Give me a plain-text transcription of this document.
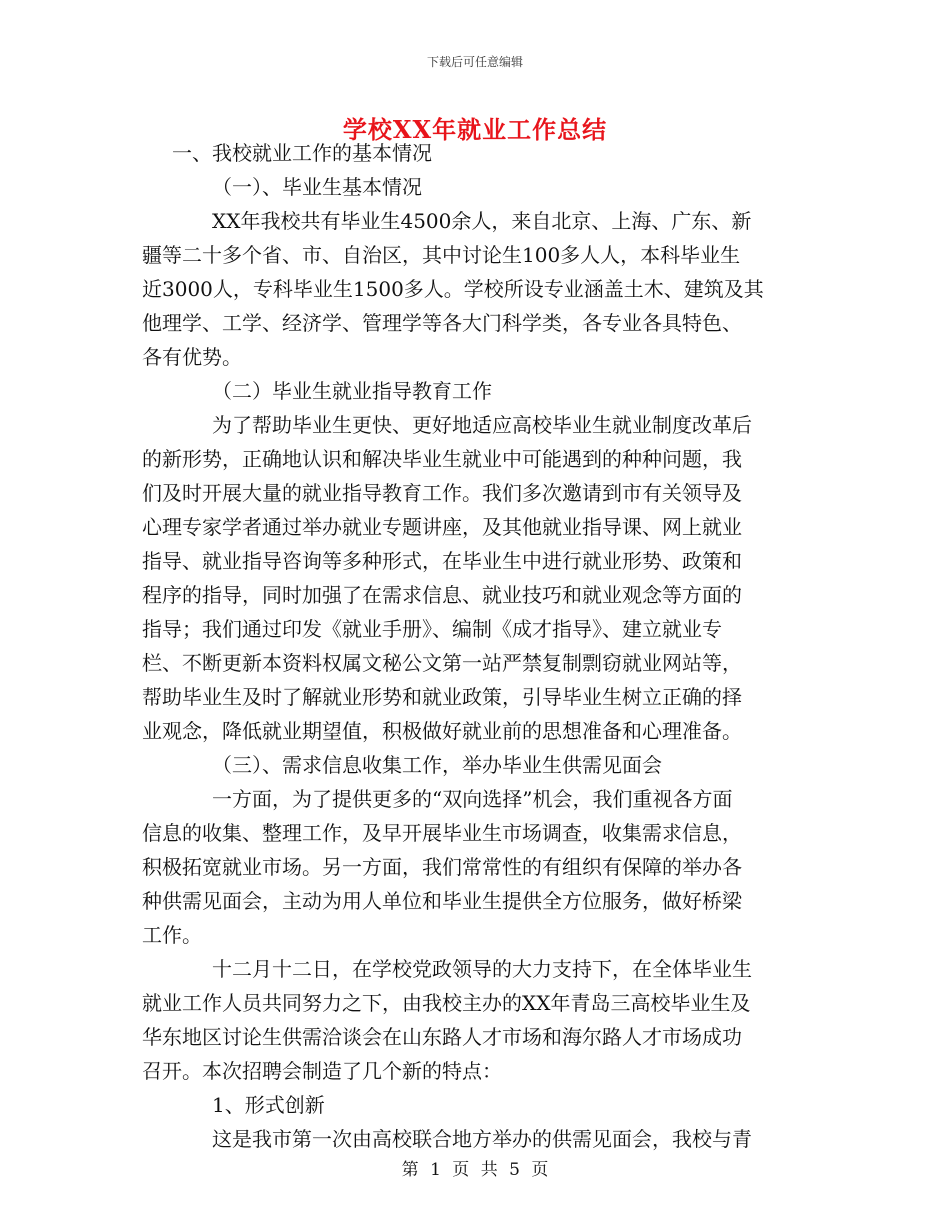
下载后可任意编辑
学校XX年就业工作总结
一、我校就业工作的基本情况
（一）、毕业生基本情况
XX年我校共有毕业生4500余人，来自北京、上海、广东、新
疆等二十多个省、市、自治区，其中讨论生100多人人，本科毕业生
近3000人，专科毕业生1500多人。学校所设专业涵盖土木、建筑及其
他理学、工学、经济学、管理学等各大门科学类，各专业各具特色、
各有优势。
（二）毕业生就业指导教育工作
为了帮助毕业生更快、更好地适应高校毕业生就业制度改革后
的新形势，正确地认识和解决毕业生就业中可能遇到的种种问题，我
们及时开展大量的就业指导教育工作。我们多次邀请到市有关领导及
心理专家学者通过举办就业专题讲座，及其他就业指导课、网上就业
指导、就业指导咨询等多种形式，在毕业生中进行就业形势、政策和
程序的指导，同时加强了在需求信息、就业技巧和就业观念等方面的
指导；我们通过印发《就业手册》、编制《成才指导》、建立就业专
栏、不断更新本资料权属文秘公文第一站严禁复制剽窃就业网站等，
帮助毕业生及时了解就业形势和就业政策，引导毕业生树立正确的择
业观念，降低就业期望值，积极做好就业前的思想准备和心理准备。
（三）、需求信息收集工作，举办毕业生供需见面会
一方面，为了提供更多的“双向选择”机会，我们重视各方面
信息的收集、整理工作，及早开展毕业生市场调查，收集需求信息，
积极拓宽就业市场。另一方面，我们常常性的有组织有保障的举办各
种供需见面会，主动为用人单位和毕业生提供全方位服务，做好桥梁
工作。
十二月十二日，在学校党政领导的大力支持下，在全体毕业生
就业工作人员共同努力之下，由我校主办的XX年青岛三高校毕业生及
华东地区讨论生供需洽谈会在山东路人才市场和海尔路人才市场成功
召开。本次招聘会制造了几个新的特点：
1、形式创新
这是我市第一次由高校联合地方举办的供需见面会，我校与青
第 1 页 共 5 页
